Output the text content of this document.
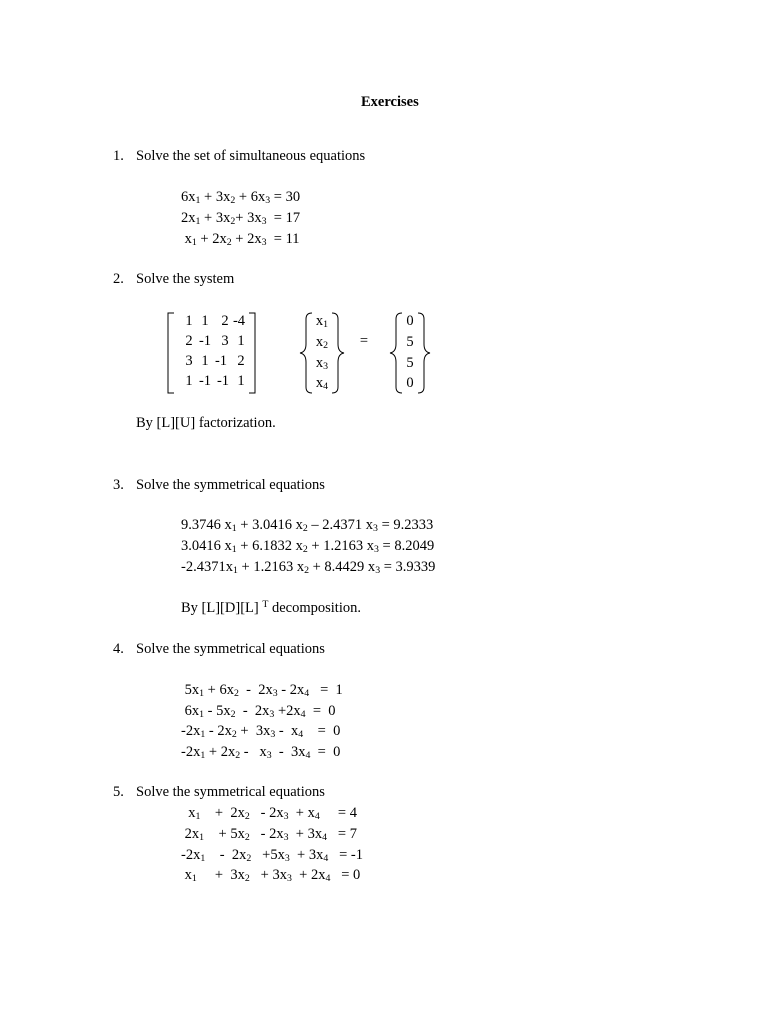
Exercises
1. Solve the set of simultaneous equations
$6x_1 + 3x_2 + 6x_3 = 30$
$2x_1 + 3x_2+ 3x_3 = 17$
$x_1 + 2x_2 + 2x_3 = 11$
2. Solve the system
1 1 2 -4
2 -1 3 1
3 1 -1 2
1 -1 -1 1
$x_1$
$x_2$
$x_3$
$x_4$
=
0
5
5
0
By [L][U] factorization.
3. Solve the symmetrical equations
9.3746 $x_1 + 3.0416$ $x_2 - 2.4371$ $x_3 = 9.2333$
3.0416 $x_1 + 6.1832$ $x_2 + 1.2163$ $x_3 = 8.2049$
$-2.4371x_1 + 1.2163$ $x_2 + 8.4429$ $x_3 = 3.9339$
By [L][D][L] $^T$ decomposition.
4. Solve the symmetrical equations
$5x_1 + 6x_2 - 2x_3 - 2x_4 = 1$
$6x_1 - 5x_2 - 2x_3 +2x_4 = 0$
$-2x_1 - 2x_2 + 3x_3 - x_4$    =  0
$-2x_1 + 2x_2 - x_3 - 3x_4 = 0$
5. Solve the symmetrical equations
$x_1$    +  $2x_2 - 2x_3 + x_4$     = 4
$2x_1$    + $5x_2 - 2x_3 + 3x_4 = 7$
$-2x_1$    -  $2x_2 +5x_3 + 3x_4 = -1$
$x_1$     +  $3x_2 + 3x_3 + 2x_4 = 0$
